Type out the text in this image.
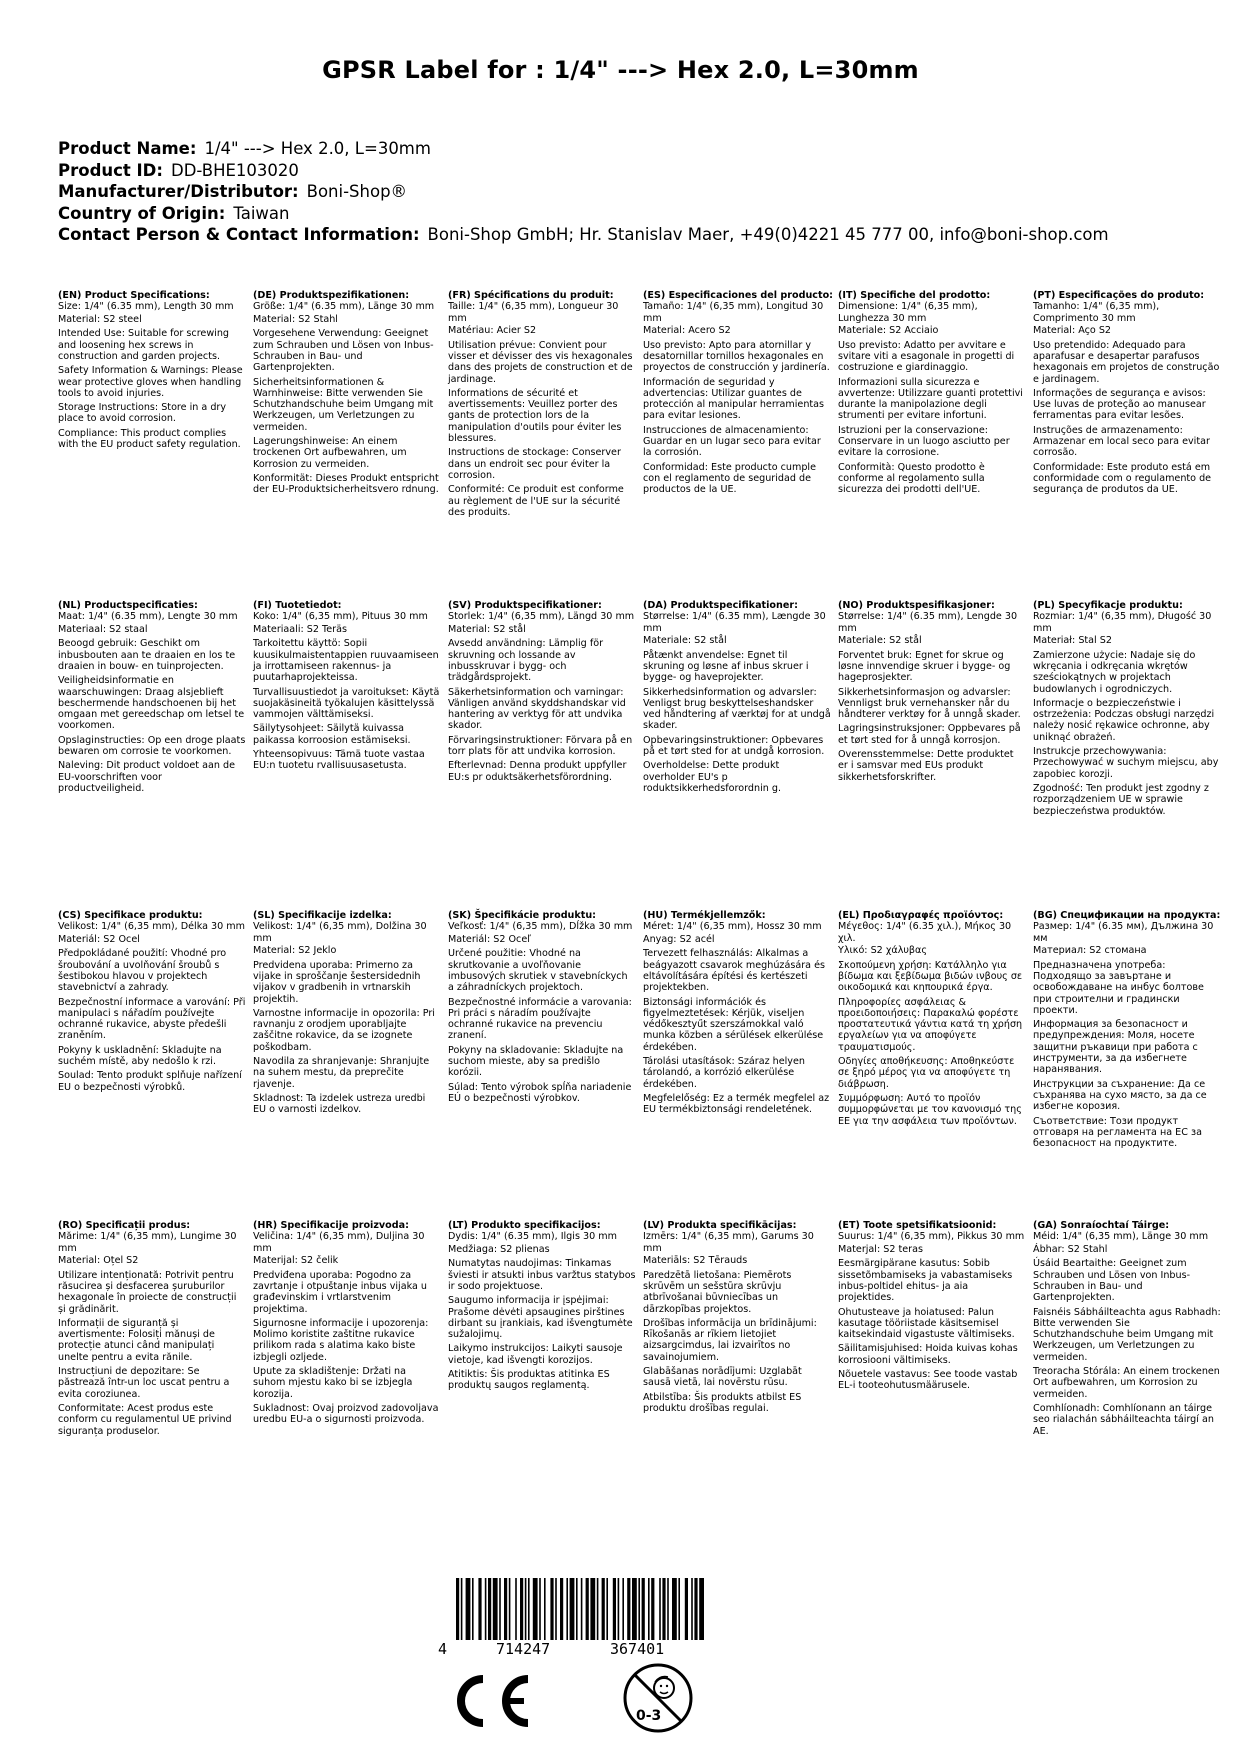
GPSR Label for : 1/4" ---> Hex 2.0, L=30mm
Product Name: 1/4" ---> Hex 2.0, L=30mm
Product ID: DD-BHE103020
Manufacturer/Distributor: Boni-Shop®
Country of Origin: Taiwan
Contact Person & Contact Information: Boni-Shop GmbH; Hr. Stanislav Maer, +49(0)4221 45 777 00, info@boni-shop.com
(EN) Product Specifications:
Size: 1/4" (6.35 mm), Length 30 mm
Material: S2 steel
Intended Use: Suitable for screwing and loosening hex screws in construction and garden projects.
Safety Information & Warnings: Please wear protective gloves when handling tools to avoid injuries.
Storage Instructions: Store in a dry place to avoid corrosion.
Compliance: This product complies with the EU product safety regulation.
(DE) Produktspezifikationen:
Größe: 1/4" (6.35 mm), Länge 30 mm
Material: S2 Stahl
Vorgesehene Verwendung: Geeignet zum Schrauben und Lösen von Inbus-Schrauben in Bau- und Gartenprojekten.
Sicherheitsinformationen & Warnhinweise: Bitte verwenden Sie Schutzhandschuhe beim Umgang mit Werkzeugen, um Verletzungen zu vermeiden.
Lagerungshinweise: An einem trockenen Ort aufbewahren, um Korrosion zu vermeiden.
Konformität: Dieses Produkt entspricht der EU-Produktsicherheitsvero rdnung.
(FR) Spécifications du produit:
Taille: 1/4" (6,35 mm), Longueur 30 mm
Matériau: Acier S2
Utilisation prévue: Convient pour visser et dévisser des vis hexagonales dans des projets de construction et de jardinage.
Informations de sécurité et avertissements: Veuillez porter des gants de protection lors de la manipulation d'outils pour éviter les blessures.
Instructions de stockage: Conserver dans un endroit sec pour éviter la corrosion.
Conformité: Ce produit est conforme au règlement de l'UE sur la sécurité des produits.
(ES) Especificaciones del producto:
Tamaño: 1/4" (6,35 mm), Longitud 30 mm
Material: Acero S2
Uso previsto: Apto para atornillar y desatornillar tornillos hexagonales en proyectos de construcción y jardinería.
Información de seguridad y advertencias: Utilizar guantes de protección al manipular herramientas para evitar lesiones.
Instrucciones de almacenamiento: Guardar en un lugar seco para evitar la corrosión.
Conformidad: Este producto cumple con el reglamento de seguridad de productos de la UE.
(IT) Specifiche del prodotto:
Dimensione: 1/4" (6,35 mm), Lunghezza 30 mm
Materiale: S2 Acciaio
Uso previsto: Adatto per avvitare e svitare viti a esagonale in progetti di costruzione e giardinaggio.
Informazioni sulla sicurezza e avvertenze: Utilizzare guanti protettivi durante la manipolazione degli strumenti per evitare infortuni.
Istruzioni per la conservazione: Conservare in un luogo asciutto per evitare la corrosione.
Conformità: Questo prodotto è conforme al regolamento sulla sicurezza dei prodotti dell'UE.
(PT) Especificações do produto:
Tamanho: 1/4" (6,35 mm), Comprimento 30 mm
Material: Aço S2
Uso pretendido: Adequado para aparafusar e desapertar parafusos hexagonais em projetos de construção e jardinagem.
Informações de segurança e avisos: Use luvas de proteção ao manusear ferramentas para evitar lesões.
Instruções de armazenamento: Armazenar em local seco para evitar corrosão.
Conformidade: Este produto está em conformidade com o regulamento de segurança de produtos da UE.
(NL) Productspecificaties:
Maat: 1/4" (6.35 mm), Lengte 30 mm
Materiaal: S2 staal
Beoogd gebruik: Geschikt om inbusbouten aan te draaien en los te draaien in bouw- en tuinprojecten.
Veiligheidsinformatie en waarschuwingen: Draag alsjeblieft beschermende handschoenen bij het omgaan met gereedschap om letsel te voorkomen.
Opslaginstructies: Op een droge plaats bewaren om corrosie te voorkomen.
Naleving: Dit product voldoet aan de EU-voorschriften voor productveiligheid.
(FI) Tuotetiedot:
Koko: 1/4" (6,35 mm), Pituus 30 mm
Materiaali: S2 Teräs
Tarkoitettu käyttö: Sopii kuusikulmaistentappien ruuvaamiseen ja irrottamiseen rakennus- ja puutarhaprojekteissa.
Turvallisuustiedot ja varoitukset: Käytä suojakäsineitä työkalujen käsittelyssä vammojen välttämiseksi.
Säilytysohjeet: Säilytä kuivassa paikassa korroosion estämiseksi.
Yhteensopivuus: Tämä tuote vastaa EU:n tuotetu rvallisuusasetusta.
(SV) Produktspecifikationer:
Storlek: 1/4" (6,35 mm), Längd 30 mm
Material: S2 stål
Avsedd användning: Lämplig för skruvning och lossande av inbusskruvar i bygg- och trädgårdsprojekt.
Säkerhetsinformation och varningar: Vänligen använd skyddshandskar vid hantering av verktyg för att undvika skador.
Förvaringsinstruktioner: Förvara på en torr plats för att undvika korrosion.
Efterlevnad: Denna produkt uppfyller EU:s pr oduktsäkerhetsförordning.
(DA) Produktspecifikationer:
Størrelse: 1/4" (6.35 mm), Længde 30 mm
Materiale: S2 stål
Påtænkt anvendelse: Egnet til skruning og løsne af inbus skruer i bygge- og haveprojekter.
Sikkerhedsinformation og advarsler: Venligst brug beskyttelseshandsker ved håndtering af værktøj for at undgå skader.
Opbevaringsinstruktioner: Opbevares på et tørt sted for at undgå korrosion.
Overholdelse: Dette produkt overholder EU's p roduktsikkerhedsforordnin g.
(NO) Produktspesifikasjoner:
Størrelse: 1/4" (6.35 mm), Lengde 30 mm
Materiale: S2 stål
Forventet bruk: Egnet for skrue og løsne innvendige skruer i bygge- og hageprosjekter.
Sikkerhetsinformasjon og advarsler: Vennligst bruk vernehansker når du håndterer verktøy for å unngå skader.
Lagringsinstruksjoner: Oppbevares på et tørt sted for å unngå korrosjon.
Overensstemmelse: Dette produktet er i samsvar med EUs produkt sikkerhetsforskrifter.
(PL) Specyfikacje produktu:
Rozmiar: 1/4" (6,35 mm), Długość 30 mm
Materiał: Stal S2
Zamierzone użycie: Nadaje się do wkręcania i odkręcania wkrętów sześciokątnych w projektach budowlanych i ogrodniczych.
Informacje o bezpieczeństwie i ostrzeżenia: Podczas obsługi narzędzi należy nosić rękawice ochronne, aby uniknąć obrażeń.
Instrukcje przechowywania: Przechowywać w suchym miejscu, aby zapobiec korozji.
Zgodność: Ten produkt jest zgodny z rozporządzeniem UE w sprawie bezpieczeństwa produktów.
(CS) Specifikace produktu:
Velikost: 1/4" (6,35 mm), Délka 30 mm
Materiál: S2 Ocel
Předpokládané použití: Vhodné pro šroubování a uvolňování šroubů s šestibokou hlavou v projektech stavebnictví a zahrady.
Bezpečnostní informace a varování: Při manipulaci s nářadím používejte ochranné rukavice, abyste předešli zraněním.
Pokyny k uskladnění: Skladujte na suchém místě, aby nedošlo k rzi.
Soulad: Tento produkt splňuje nařízení EU o bezpečnosti výrobků.
(SL) Specifikacije izdelka:
Velikost: 1/4" (6,35 mm), Dolžina 30 mm
Material: S2 Jeklo
Predvidena uporaba: Primerno za vijake in sproščanje šestersidednih vijakov v gradbenih in vrtnarskih projektih.
Varnostne informacije in opozorila: Pri ravnanju z orodjem uporabljajte zaščitne rokavice, da se izognete poškodbam.
Navodila za shranjevanje: Shranjujte na suhem mestu, da preprečite rjavenje.
Skladnost: Ta izdelek ustreza uredbi EU o varnosti izdelkov.
(SK) Špecifikácie produktu:
Veľkosť: 1/4" (6,35 mm), Dĺžka 30 mm
Materiál: S2 Oceľ
Určené použitie: Vhodné na skrutkovanie a uvoľňovanie imbusových skrutiek v stavebníckych a záhradníckych projektoch.
Bezpečnostné informácie a varovania: Pri práci s náradím používajte ochranné rukavice na prevenciu zranení.
Pokyny na skladovanie: Skladujte na suchom mieste, aby sa predišlo korózii.
Súlad: Tento výrobok spĺňa nariadenie EÚ o bezpečnosti výrobkov.
(HU) Termékjellemzők:
Méret: 1/4" (6,35 mm), Hossz 30 mm
Anyag: S2 acél
Tervezett felhasználás: Alkalmas a beágyazott csavarok meghúzására és eltávolítására építési és kertészeti projektekben.
Biztonsági információk és figyelmeztetések: Kérjük, viseljen védőkesztyűt szerszámokkal való munka közben a sérülések elkerülése érdekében.
Tárolási utasítások: Száraz helyen tárolandó, a korrózió elkerülése érdekében.
Megfelelőség: Ez a termék megfelel az EU termékbiztonsági rendeletének.
(EL) Προδιαγραφές προϊόντος:
Μέγεθος: 1/4" (6.35 χιλ.), Μήκος 30 χιλ.
Υλικό: S2 χάλυβας
Σκοπούμενη χρήση: Κατάλληλο για βίδωμα και ξεβίδωμα βιδών ινβους σε οικοδομικά και κηπουρικά έργα.
Πληροφορίες ασφάλειας & προειδοποιήσεις: Παρακαλώ φορέστε προστατευτικά γάντια κατά τη χρήση εργαλείων για να αποφύγετε τραυματισμούς.
Οδηγίες αποθήκευσης: Αποθηκεύστε σε ξηρό μέρος για να αποφύγετε τη διάβρωση.
Συμμόρφωση: Αυτό το προϊόν συμμορφώνεται με τον κανονισμό της ΕΕ για την ασφάλεια των προϊόντων.
(BG) Спецификации на продукта:
Размер: 1/4" (6.35 мм), Дължина 30 мм
Материал: S2 стомана
Предназначена употреба: Подходящо за завъртане и освобождаване на инбус болтове при строителни и градински проекти.
Информация за безопасност и предупреждения: Моля, носете защитни ръкавици при работа с инструменти, за да избегнете наранявания.
Инструкции за съхранение: Да се съхранява на сухо място, за да се избегне корозия.
Съответствие: Този продукт отговаря на регламента на ЕС за безопасност на продуктите.
(RO) Specificații produs:
Mărime: 1/4" (6,35 mm), Lungime 30 mm
Material: Oțel S2
Utilizare intenționată: Potrivit pentru răsucirea și desfacerea șuruburilor hexagonale în proiecte de construcții și grădinărit.
Informații de siguranță și avertismente: Folosiți mănuși de protecție atunci când manipulați unelte pentru a evita rănile.
Instrucțiuni de depozitare: Se păstrează într-un loc uscat pentru a evita coroziunea.
Conformitate: Acest produs este conform cu regulamentul UE privind siguranța produselor.
(HR) Specifikacije proizvoda:
Veličina: 1/4" (6,35 mm), Duljina 30 mm
Materijal: S2 čelik
Predviđena uporaba: Pogodno za zavrtanje i otpuštanje inbus vijaka u građevinskim i vrtlarstvenim projektima.
Sigurnosne informacije i upozorenja: Molimo koristite zaštitne rukavice prilikom rada s alatima kako biste izbjegli ozljede.
Upute za skladištenje: Držati na suhom mjestu kako bi se izbjegla korozija.
Sukladnost: Ovaj proizvod zadovoljava uredbu EU-a o sigurnosti proizvoda.
(LT) Produkto specifikacijos:
Dydis: 1/4" (6.35 mm), Ilgis 30 mm
Medžiaga: S2 plienas
Numatytas naudojimas: Tinkamas šviesti ir atsukti inbus varžtus statybos ir sodo projektuose.
Saugumo informacija ir įspėjimai: Prašome dėvėti apsaugines pirštines dirbant su įrankiais, kad išvengtumėte sužalojimų.
Laikymo instrukcijos: Laikyti sausoje vietoje, kad išvengti korozijos.
Atitiktis: Šis produktas atitinka ES produktų saugos reglamentą.
(LV) Produkta specifikācijas:
Izmērs: 1/4" (6,35 mm), Garums 30 mm
Materiāls: S2 Tērauds
Paredzētā lietošana: Piemērots skrūvēm un sešstūra skrūvju atbrīvošanai būvniecības un dārzkopības projektos.
Drošības informācija un brīdinājumi: Rīkošanās ar rīkiem lietojiet aizsargcimdus, lai izvairītos no savainojumiem.
Glabāšanas norādījumi: Uzglabāt sausā vietā, lai novērstu rūsu.
Atbilstība: Šis produkts atbilst ES produktu drošības regulai.
(ET) Toote spetsifikatsioonid:
Suurus: 1/4" (6,35 mm), Pikkus 30 mm
Materjal: S2 teras
Eesmärgipärane kasutus: Sobib sissetõmbamiseks ja vabastamiseks inbus-poltidel ehitus- ja aia projektides.
Ohutusteave ja hoiatused: Palun kasutage tööriistade käsitsemisel kaitsekindaid vigastuste vältimiseks.
Säilitamisjuhised: Hoida kuivas kohas korrosiooni vältimiseks.
Nõuetele vastavus: See toode vastab EL-i tooteohutusmäärusele.
(GA) Sonraíochtaí Táirge:
Méid: 1/4" (6,35 mm), Länge 30 mm
Ábhar: S2 Stahl
Úsáid Beartaithe: Geeignet zum Schrauben und Lösen von Inbus-Schrauben in Bau- und Gartenprojekten.
Faisnéis Sábháilteachta agus Rabhadh: Bitte verwenden Sie Schutzhandschuhe beim Umgang mit Werkzeugen, um Verletzungen zu vermeiden.
Treoracha Stórála: An einem trockenen Ort aufbewahren, um Korrosion zu vermeiden.
Comhlíonadh: Comhlíonann an táirge seo rialachán sábháilteachta táirgí an AE.
4	714247	367401
0-3
